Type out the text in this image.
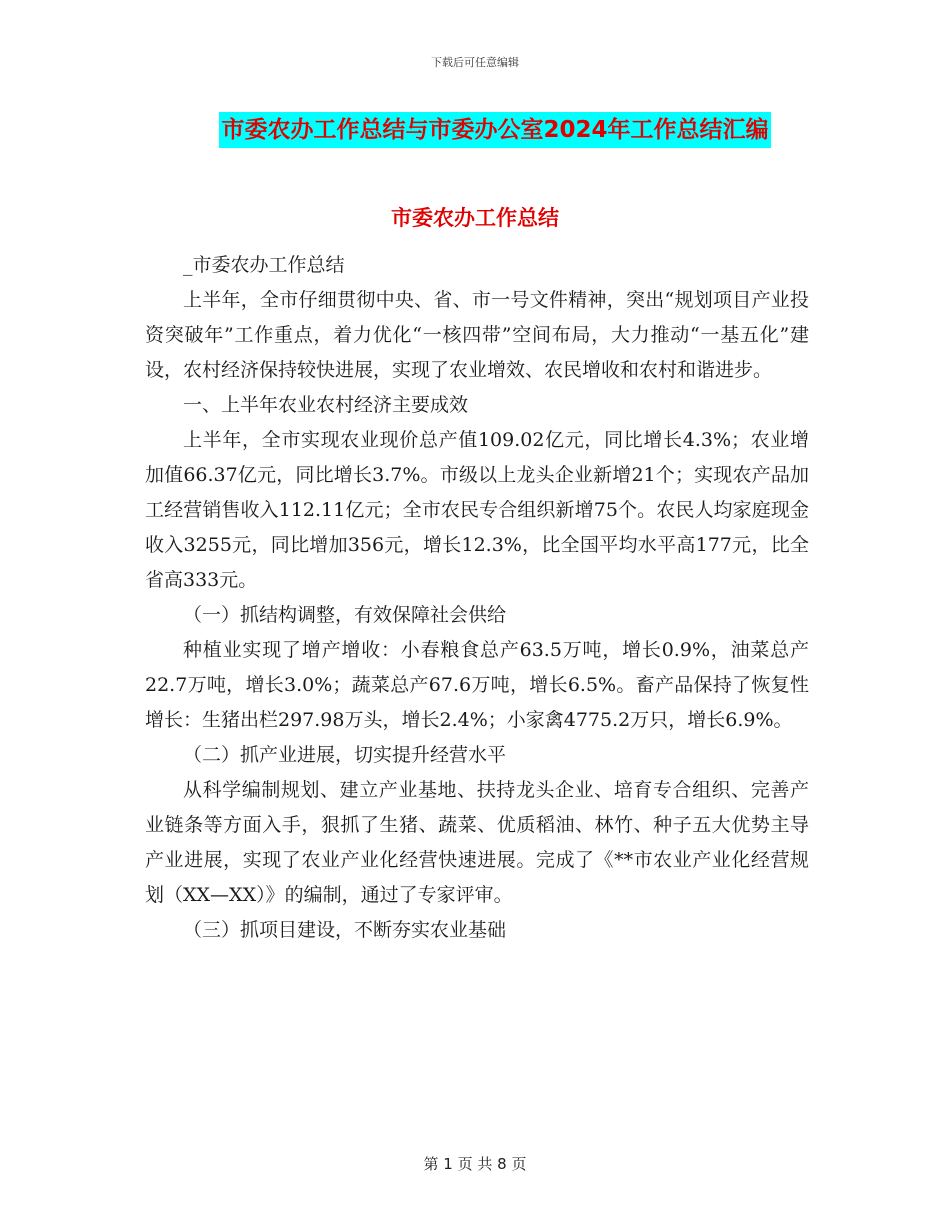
下载后可任意编辑
市委农办工作总结与市委办公室2024年工作总结汇编
市委农办工作总结

_市委农办工作总结

上半年，全市仔细贯彻中央、省、市一号文件精神，突出“规划项目产业投资突破年”工作重点，着力优化“一核四带”空间布局，大力推动“一基五化”建设，农村经济保持较快进展，实现了农业增效、农民增收和农村和谐进步。

一、上半年农业农村经济主要成效

上半年，全市实现农业现价总产值109.02亿元，同比增长4.3%；农业增加值66.37亿元，同比增长3.7%。市级以上龙头企业新增21个；实现农产品加工经营销售收入112.11亿元；全市农民专合组织新增75个。农民人均家庭现金收入3255元，同比增加356元，增长12.3%，比全国平均水平高177元，比全省高333元。

（一）抓结构调整，有效保障社会供给

种植业实现了增产增收：小春粮食总产63.5万吨，增长0.9%，油菜总产22.7万吨，增长3.0%；蔬菜总产67.6万吨，增长6.5%。畜产品保持了恢复性增长：生猪出栏297.98万头，增长2.4%；小家禽4775.2万只，增长6.9%。

（二）抓产业进展，切实提升经营水平

从科学编制规划、建立产业基地、扶持龙头企业、培育专合组织、完善产业链条等方面入手，狠抓了生猪、蔬菜、优质稻油、林竹、种子五大优势主导产业进展，实现了农业产业化经营快速进展。完成了《**市农业产业化经营规划（XX—XX）》的编制，通过了专家评审。

（三）抓项目建设，不断夯实农业基础

第 1 页 共 8 页
